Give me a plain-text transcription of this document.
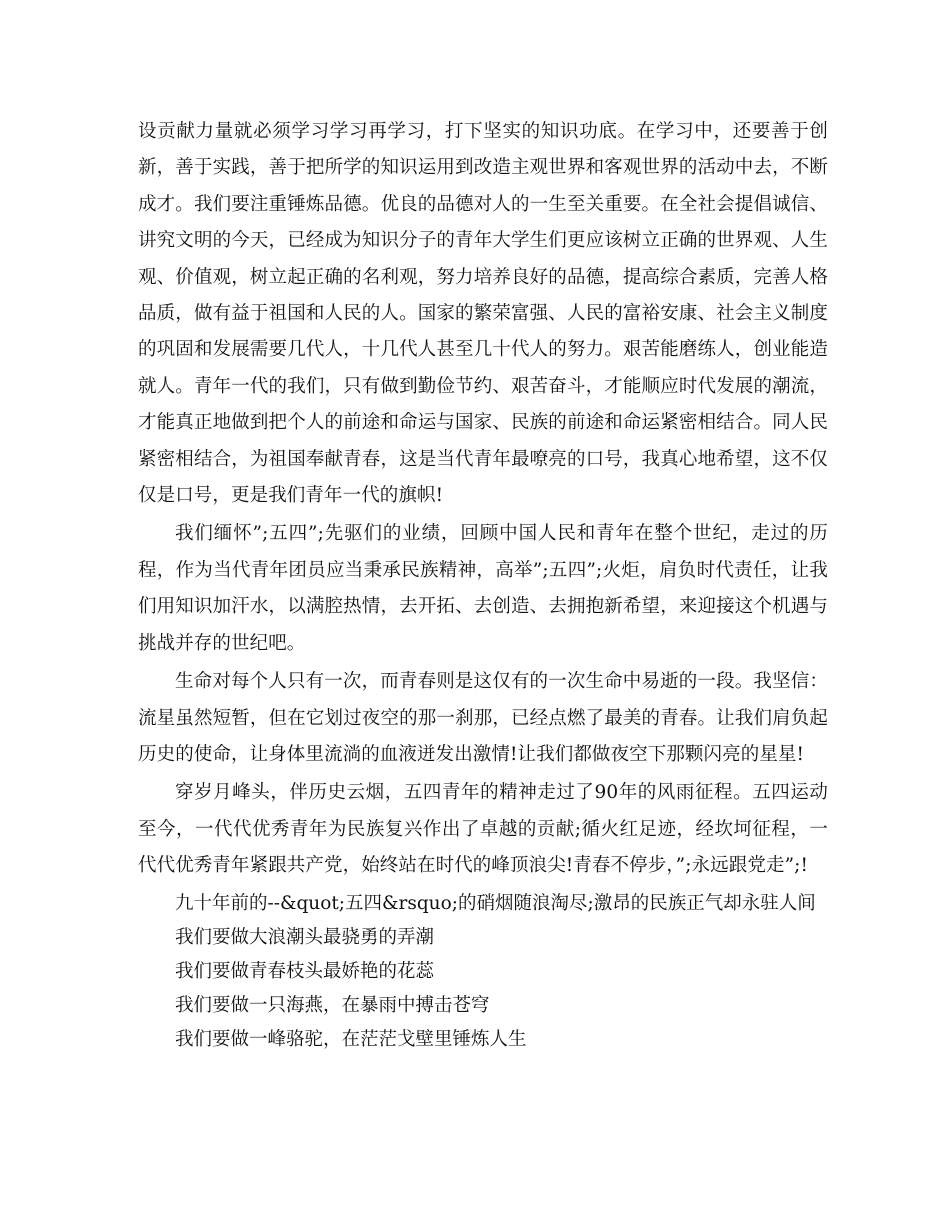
设贡献力量就必须学习学习再学习，打下坚实的知识功底。在学习中，还要善于创新，善于实践，善于把所学的知识运用到改造主观世界和客观世界的活动中去，不断成才。我们要注重锤炼品德。优良的品德对人的一生至关重要。在全社会提倡诚信、讲究文明的今天，已经成为知识分子的青年大学生们更应该树立正确的世界观、人生观、价值观，树立起正确的名利观，努力培养良好的品德，提高综合素质，完善人格品质，做有益于祖国和人民的人。国家的繁荣富强、人民的富裕安康、社会主义制度的巩固和发展需要几代人，十几代人甚至几十代人的努力。艰苦能磨练人，创业能造就人。青年一代的我们，只有做到勤俭节约、艰苦奋斗，才能顺应时代发展的潮流，才能真正地做到把个人的前途和命运与国家、民族的前途和命运紧密相结合。同人民紧密相结合，为祖国奉献青春，这是当代青年最嘹亮的口号，我真心地希望，这不仅仅是口号，更是我们青年一代的旗帜!

我们缅怀”;五四”;先驱们的业绩，回顾中国人民和青年在整个世纪，走过的历程，作为当代青年团员应当秉承民族精神，高举”;五四”;火炬，肩负时代责任，让我们用知识加汗水，以满腔热情，去开拓、去创造、去拥抱新希望，来迎接这个机遇与挑战并存的世纪吧。

生命对每个人只有一次，而青春则是这仅有的一次生命中易逝的一段。我坚信：流星虽然短暂，但在它划过夜空的那一刹那，已经点燃了最美的青春。让我们肩负起历史的使命，让身体里流淌的血液迸发出激情!让我们都做夜空下那颗闪亮的星星!

穿岁月峰头，伴历史云烟，五四青年的精神走过了90年的风雨征程。五四运动至今，一代代优秀青年为民族复兴作出了卓越的贡献;循火红足迹，经坎坷征程，一代代优秀青年紧跟共产党，始终站在时代的峰顶浪尖!青春不停步，”;永远跟党走”;!

九十年前的--&quot;五四&rsquo;的硝烟随浪淘尽;激昂的民族正气却永驻人间

我们要做大浪潮头最骁勇的弄潮

我们要做青春枝头最娇艳的花蕊

我们要做一只海燕，在暴雨中搏击苍穹

我们要做一峰骆驼，在茫茫戈壁里锤炼人生
